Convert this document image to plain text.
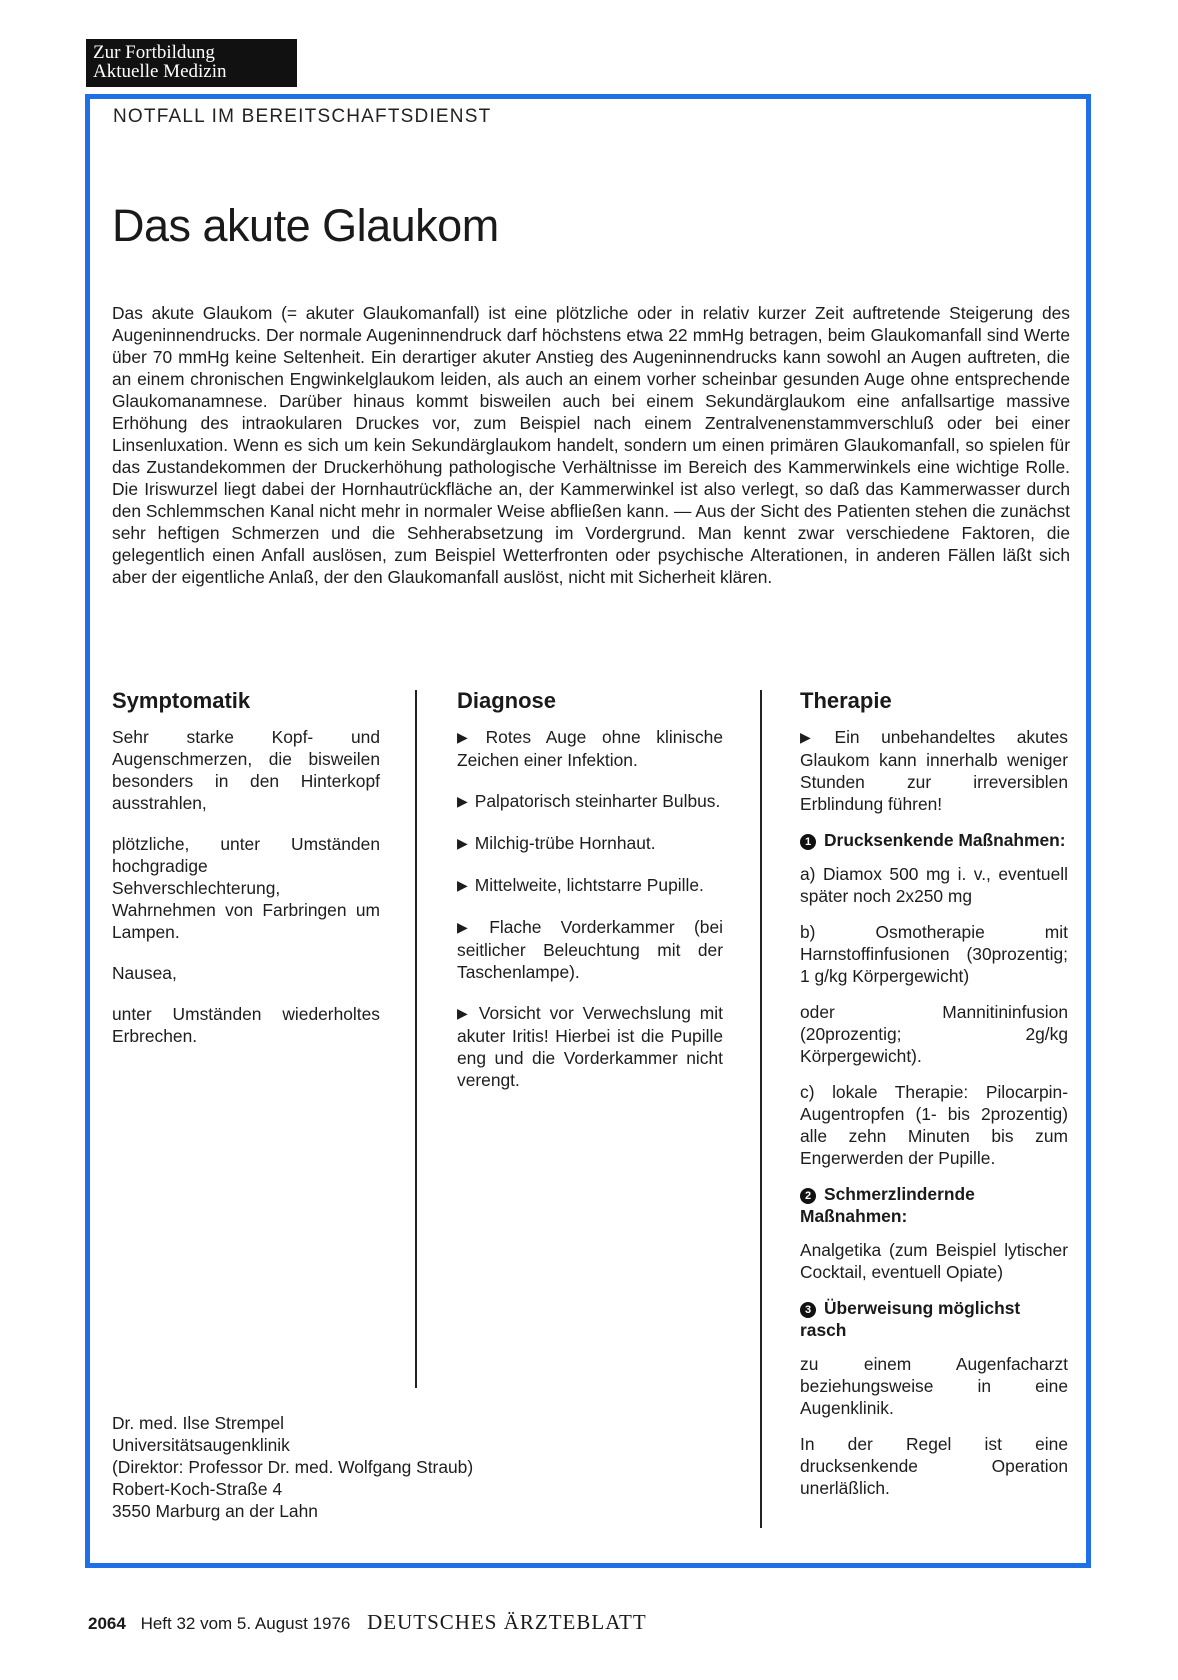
Zur Fortbildung
Aktuelle Medizin
NOTFALL IM BEREITSCHAFTSDIENST
Das akute Glaukom

Das akute Glaukom (= akuter Glaukomanfall) ist eine plötzliche oder in relativ kurzer Zeit auftretende Steigerung des Augeninnendrucks. Der normale Augeninnendruck darf höchstens etwa 22 mmHg betragen, beim Glaukomanfall sind Werte über 70 mmHg keine Seltenheit. Ein derartiger akuter Anstieg des Augeninnendrucks kann sowohl an Augen auftreten, die an einem chronischen Engwinkelglaukom leiden, als auch an einem vorher scheinbar gesunden Auge ohne entsprechende Glaukomanamnese. Darüber hinaus kommt bisweilen auch bei einem Sekundärglaukom eine anfallsartige massive Erhöhung des intraokularen Druckes vor, zum Beispiel nach einem Zentralvenenstammverschluß oder bei einer Linsenluxation. Wenn es sich um kein Sekundärglaukom handelt, sondern um einen primären Glaukomanfall, so spielen für das Zustandekommen der Druckerhöhung pathologische Verhältnisse im Bereich des Kammerwinkels eine wichtige Rolle. Die Iriswurzel liegt dabei der Hornhautrückfläche an, der Kammerwinkel ist also verlegt, so daß das Kammerwasser durch den Schlemmschen Kanal nicht mehr in normaler Weise abfließen kann. — Aus der Sicht des Patienten stehen die zunächst sehr heftigen Schmerzen und die Sehherabsetzung im Vordergrund. Man kennt zwar verschiedene Faktoren, die gelegentlich einen Anfall auslösen, zum Beispiel Wetterfronten oder psychische Alterationen, in anderen Fällen läßt sich aber der eigentliche Anlaß, der den Glaukomanfall auslöst, nicht mit Sicherheit klären.

Symptomatik

Sehr starke Kopf- und Augenschmerzen, die bisweilen besonders in den Hinterkopf ausstrahlen,

plötzliche, unter Umständen hochgradige Sehverschlechterung, Wahrnehmen von Farbringen um Lampen.

Nausea,

unter Umständen wiederholtes Erbrechen.

Diagnose

▶ Rotes Auge ohne klinische Zeichen einer Infektion.

▶ Palpatorisch steinharter Bulbus.

▶ Milchig-trübe Hornhaut.

▶ Mittelweite, lichtstarre Pupille.

▶ Flache Vorderkammer (bei seitlicher Beleuchtung mit der Taschenlampe).

▶ Vorsicht vor Verwechslung mit akuter Iritis! Hierbei ist die Pupille eng und die Vorderkammer nicht verengt.

Therapie

▶ Ein unbehandeltes akutes Glaukom kann innerhalb weniger Stunden zur irreversiblen Erblindung führen!

1 Drucksenkende Maßnahmen:

a) Diamox 500 mg i. v., eventuell später noch 2x250 mg

b) Osmotherapie mit Harnstoffinfusionen (30prozentig; 1 g/kg Körpergewicht)

oder Mannitininfusion (20prozentig; 2g/kg Körpergewicht).

c) lokale Therapie: Pilocarpin-Augentropfen (1- bis 2prozentig) alle zehn Minuten bis zum Engerwerden der Pupille.

2 Schmerzlindernde Maßnahmen:

Analgetika (zum Beispiel lytischer Cocktail, eventuell Opiate)

3 Überweisung möglichst rasch

zu einem Augenfacharzt beziehungsweise in eine Augenklinik.

In der Regel ist eine drucksenkende Operation unerläßlich.

Dr. med. Ilse Strempel
Universitätsaugenklinik
(Direktor: Professor Dr. med. Wolfgang Straub)
Robert-Koch-Straße 4
3550 Marburg an der Lahn
2064 Heft 32 vom 5. August 1976 DEUTSCHES ÄRZTEBLATT
